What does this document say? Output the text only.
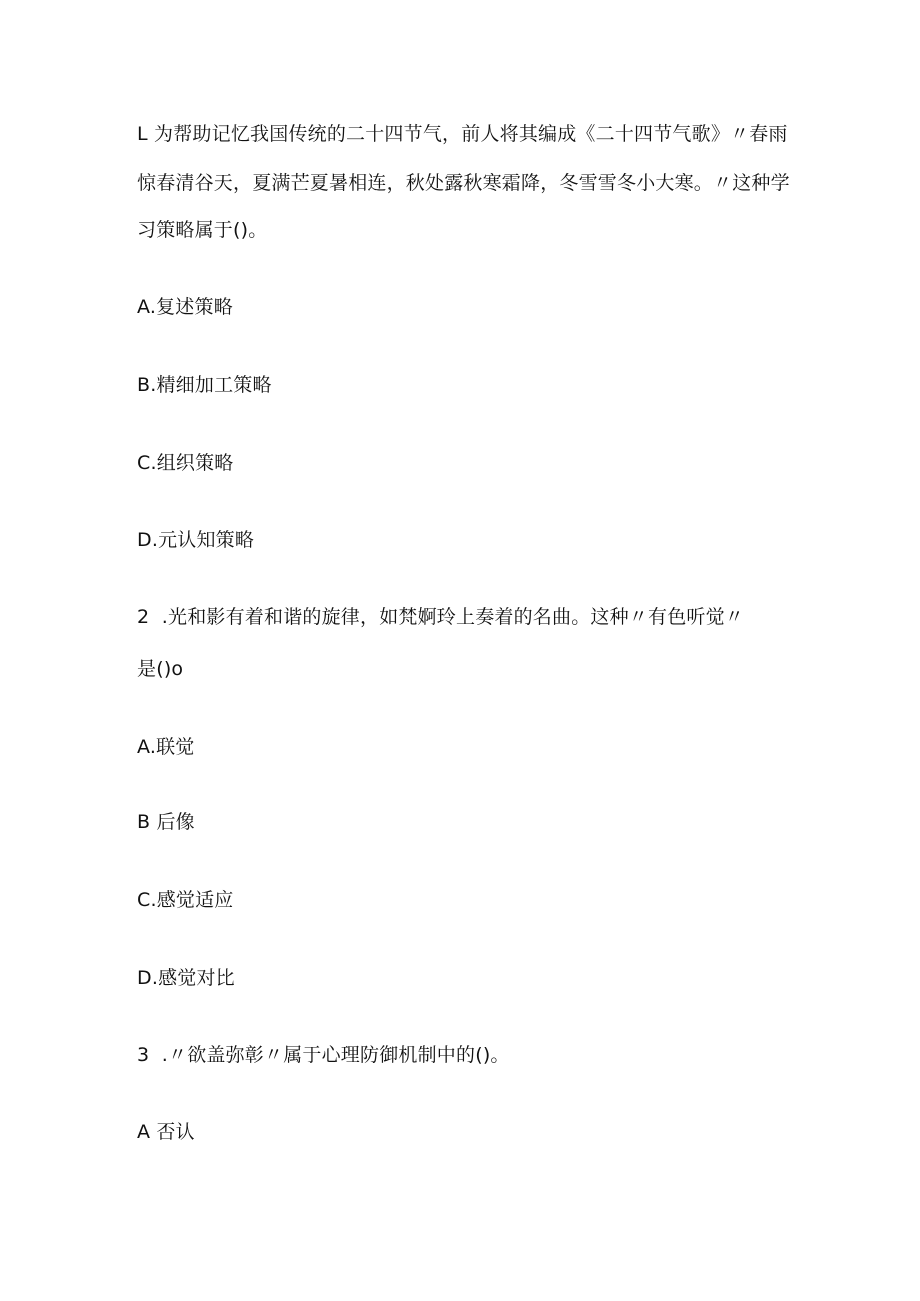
L 为帮助记忆我国传统的二十四节气，前人将其编成《二十四节气歌》〃春雨
惊春清谷天，夏满芒夏暑相连，秋处露秋寒霜降，冬雪雪冬小大寒。〃这种学
习策略属于()。
A.复述策略
B.精细加工策略
C.组织策略
D.元认知策略
2  .光和影有着和谐的旋律，如梵婀玲上奏着的名曲。这种〃有色听觉〃
是()o
A.联觉
B 后像
C.感觉适应
D.感觉对比
3  .〃欲盖弥彰〃属于心理防御机制中的()。
A 否认
